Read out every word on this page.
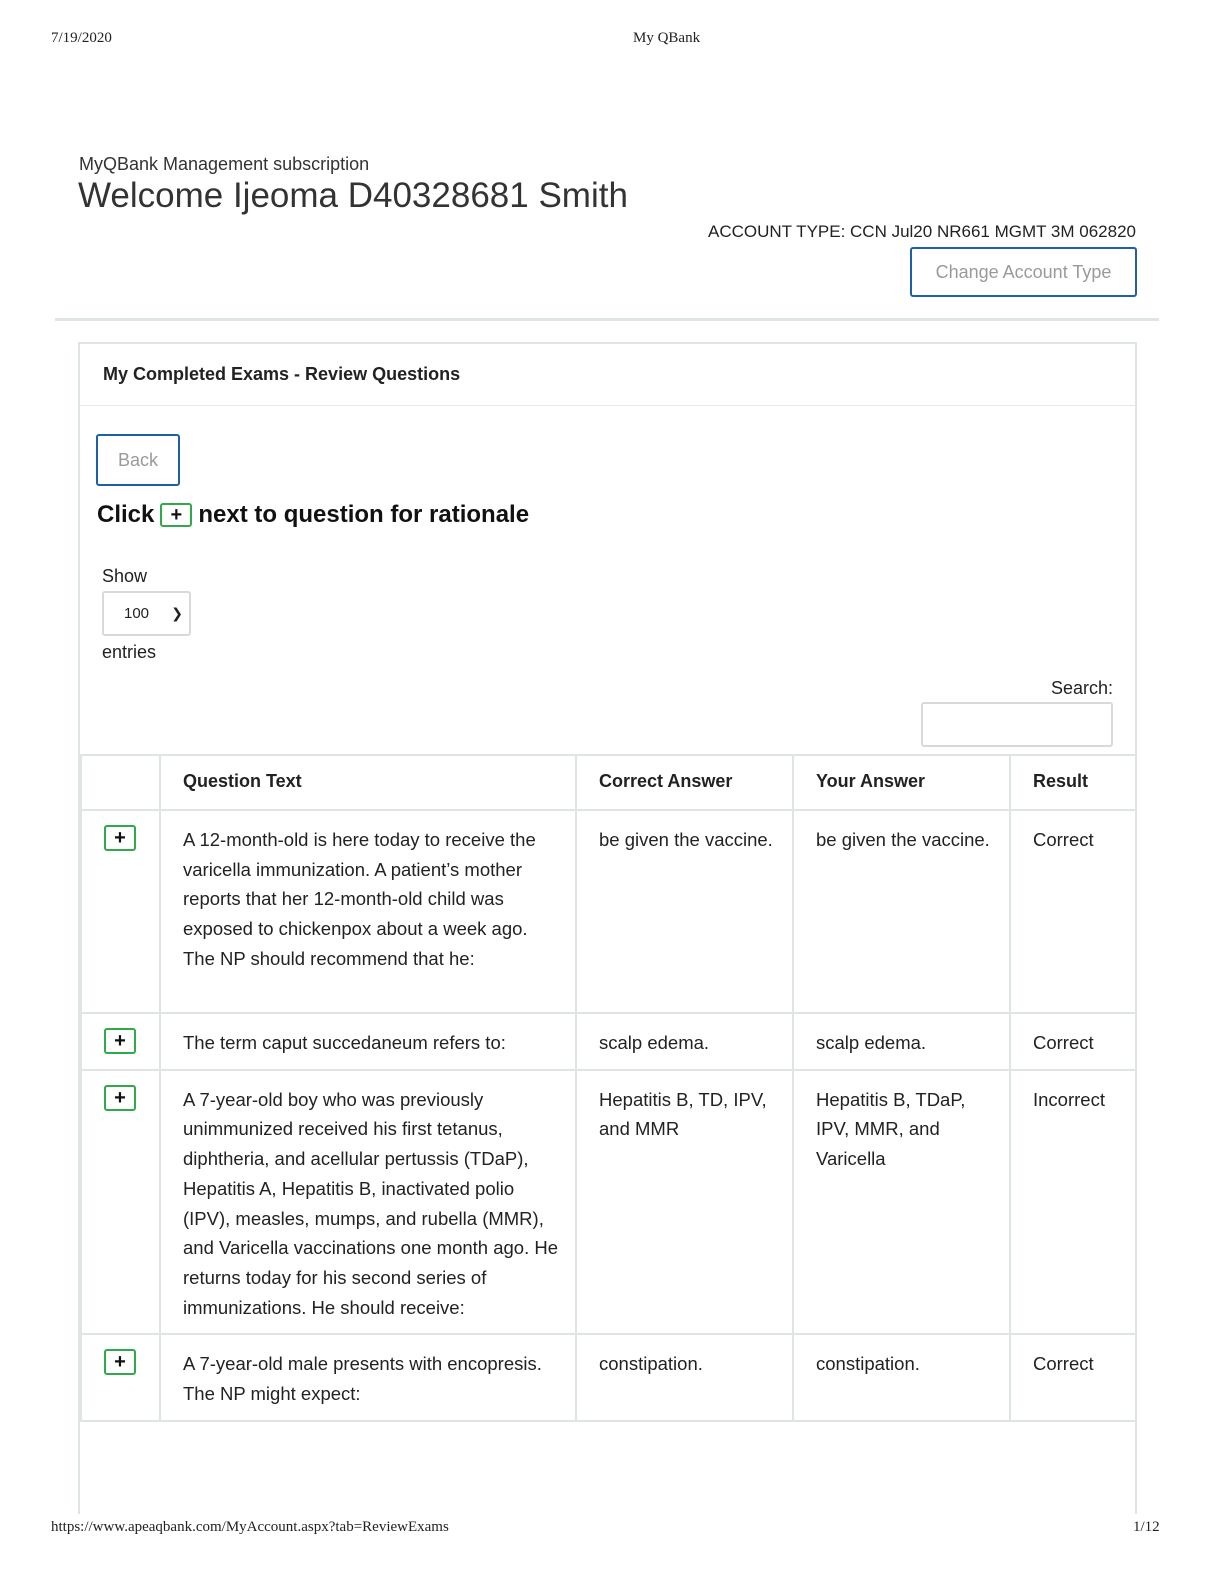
7/19/2020	My QBank
MyQBank Management subscription
Welcome Ijeoma D40328681 Smith
ACCOUNT TYPE: CCN Jul20 NR661 MGMT 3M 062820
Change Account Type
My Completed Exams - Review Questions
Back
Click + next to question for rationale
Show
100 ❯
entries
Search:
	Question Text	Correct Answer	Your Answer	Result
+	A 12-month-old is here today to receive the varicella immunization. A patient’s mother reports that her 12-month-old child was exposed to chickenpox about a week ago. The NP should recommend that he:	be given the vaccine.	be given the vaccine.	Correct
+	The term caput succedaneum refers to:	scalp edema.	scalp edema.	Correct
+	A 7-year-old boy who was previously unimmunized received his first tetanus, diphtheria, and acellular pertussis (TDaP), Hepatitis A, Hepatitis B, inactivated polio (IPV), measles, mumps, and rubella (MMR), and Varicella vaccinations one month ago. He returns today for his second series of immunizations. He should receive:	Hepatitis B, TD, IPV, and MMR	Hepatitis B, TDaP, IPV, MMR, and Varicella	Incorrect
+	A 7-year-old male presents with encopresis. The NP might expect:	constipation.	constipation.	Correct
https://www.apeaqbank.com/MyAccount.aspx?tab=ReviewExams	1/12
